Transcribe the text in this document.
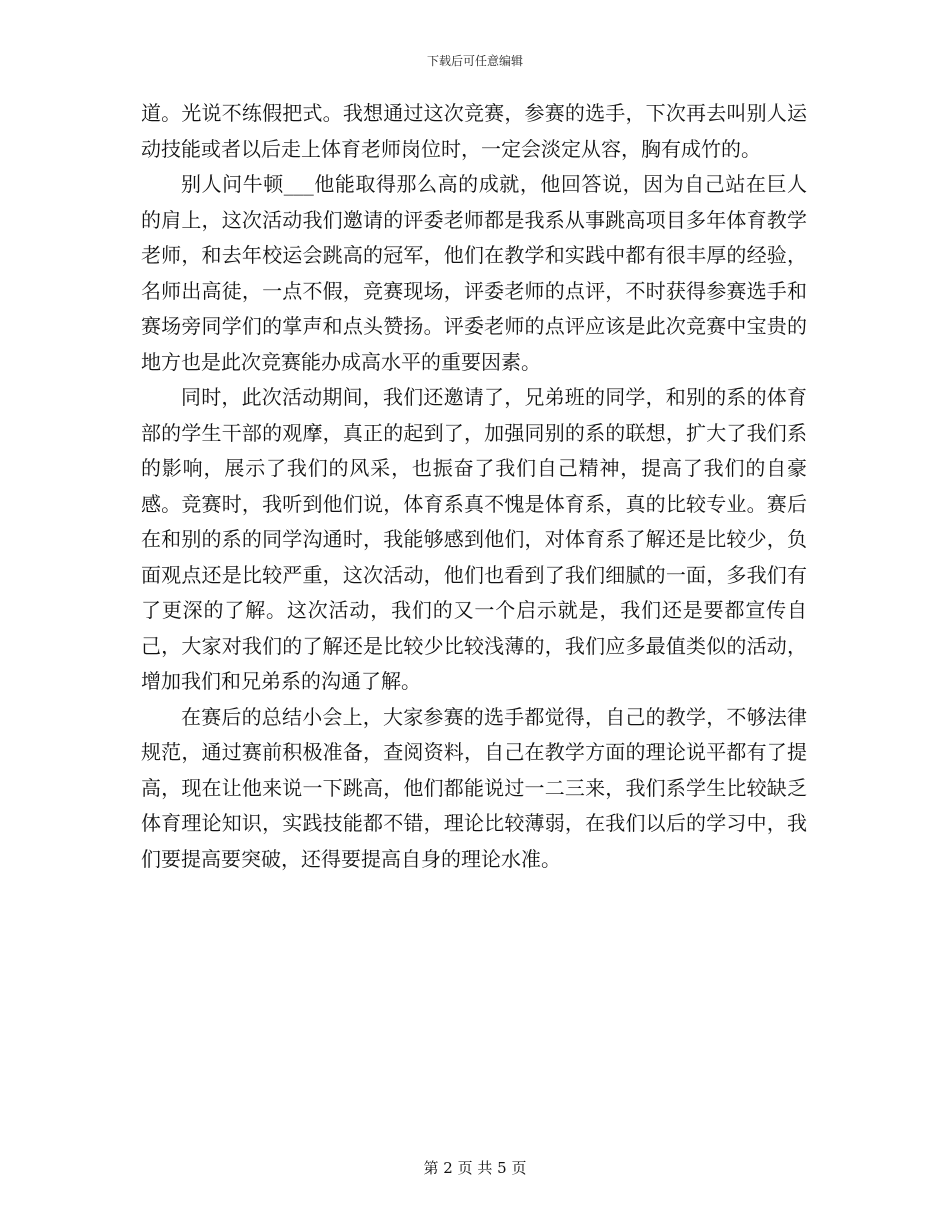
下载后可任意编辑

道。光说不练假把式。我想通过这次竞赛，参赛的选手，下次再去叫别人运动技能或者以后走上体育老师岗位时，一定会淡定从容，胸有成竹的。

别人问牛顿___他能取得那么高的成就，他回答说，因为自己站在巨人的肩上，这次活动我们邀请的评委老师都是我系从事跳高项目多年体育教学老师，和去年校运会跳高的冠军，他们在教学和实践中都有很丰厚的经验，名师出高徒，一点不假，竞赛现场，评委老师的点评，不时获得参赛选手和赛场旁同学们的掌声和点头赞扬。评委老师的点评应该是此次竞赛中宝贵的地方也是此次竞赛能办成高水平的重要因素。

同时，此次活动期间，我们还邀请了，兄弟班的同学，和别的系的体育部的学生干部的观摩，真正的起到了，加强同别的系的联想，扩大了我们系的影响，展示了我们的风采，也振奋了我们自己精神，提高了我们的自豪感。竞赛时，我听到他们说，体育系真不愧是体育系，真的比较专业。赛后在和别的系的同学沟通时，我能够感到他们，对体育系了解还是比较少，负面观点还是比较严重，这次活动，他们也看到了我们细腻的一面，多我们有了更深的了解。这次活动，我们的又一个启示就是，我们还是要都宣传自己，大家对我们的了解还是比较少比较浅薄的，我们应多最值类似的活动，增加我们和兄弟系的沟通了解。

在赛后的总结小会上，大家参赛的选手都觉得，自己的教学，不够法律规范，通过赛前积极准备，查阅资料，自己在教学方面的理论说平都有了提高，现在让他来说一下跳高，他们都能说过一二三来，我们系学生比较缺乏体育理论知识，实践技能都不错，理论比较薄弱，在我们以后的学习中，我们要提高要突破，还得要提高自身的理论水准。

第 2 页 共 5 页
